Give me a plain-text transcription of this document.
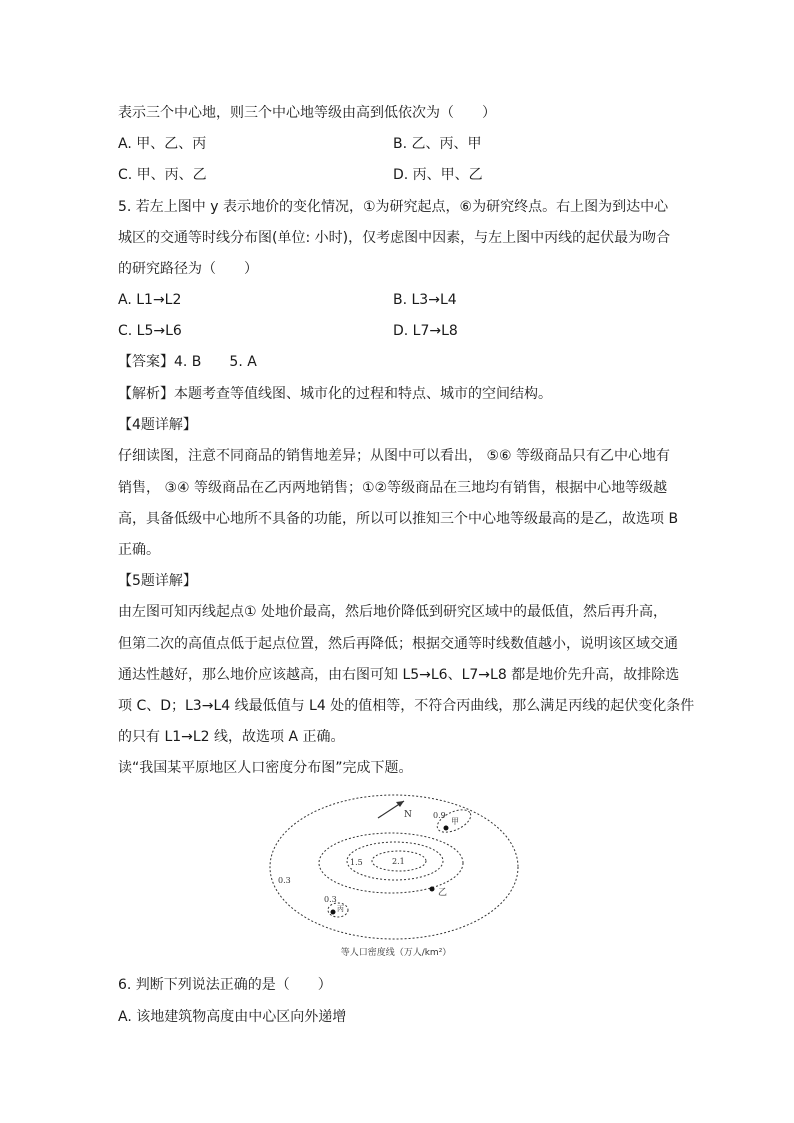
表示三个中心地，则三个中心地等级由高到低依次为（　　）
A. 甲、乙、丙	B. 乙、丙、甲
C. 甲、丙、乙	D. 丙、甲、乙
5. 若左上图中 y 表示地价的变化情况，①为研究起点，⑥为研究终点。右上图为到达中心
城区的交通等时线分布图(单位: 小时)，仅考虑图中因素，与左上图中丙线的起伏最为吻合
的研究路径为（　　）
A. L1→L2	B. L3→L4
C. L5→L6	D. L7→L8
【答案】4. B　　5. A
【解析】本题考查等值线图、城市化的过程和特点、城市的空间结构。
【4题详解】
仔细读图，注意不同商品的销售地差异；从图中可以看出， ⑤⑥ 等级商品只有乙中心地有
销售， ③④ 等级商品在乙丙两地销售；①②等级商品在三地均有销售，根据中心地等级越
高，具备低级中心地所不具备的功能，所以可以推知三个中心地等级最高的是乙，故选项 B
正确。
【5题详解】
由左图可知丙线起点① 处地价最高，然后地价降低到研究区域中的最低值，然后再升高，
但第二次的高值点低于起点位置，然后再降低；根据交通等时线数值越小，说明该区域交通
通达性越好，那么地价应该越高，由右图可知 L5→L6、L7→L8 都是地价先升高，故排除选
项 C、D；L3→L4 线最低值与 L4 处的值相等，不符合丙曲线，那么满足丙线的起伏变化条件
的只有 L1→L2 线，故选项 A 正确。
读“我国某平原地区人口密度分布图”完成下题。
N	0.9
2.1
1.5
0.3
0.3
甲
乙
丙
等人口密度线（万人/km²）
6. 判断下列说法正确的是（　　）
A. 该地建筑物高度由中心区向外递增
